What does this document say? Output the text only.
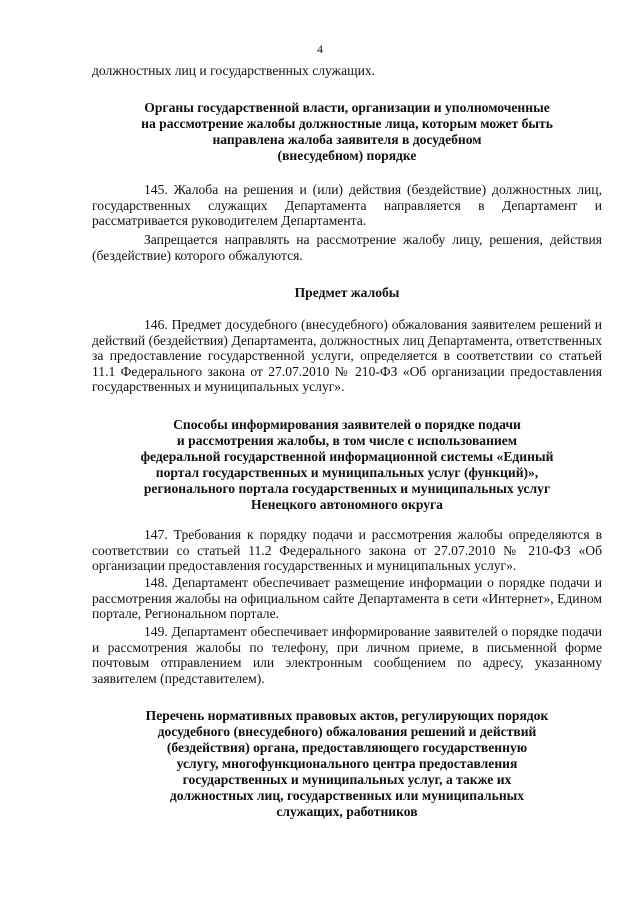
4
должностных лиц и государственных служащих.
Органы государственной власти, организации и уполномоченные
на рассмотрение жалобы должностные лица, которым может быть
направлена жалоба заявителя в досудебном
(внесудебном) порядке
145. Жалоба на решения и (или) действия (бездействие) должностных лиц, государственных служащих Департамента направляется в Департамент и рассматривается руководителем Департамента.
Запрещается направлять на рассмотрение жалобу лицу, решения, действия (бездействие) которого обжалуются.
Предмет жалобы
146. Предмет досудебного (внесудебного) обжалования заявителем решений и действий (бездействия) Департамента, должностных лиц Департамента, ответственных за предоставление государственной услуги, определяется в соответствии со статьей 11.1 Федерального закона от 27.07.2010 № 210-ФЗ «Об организации предоставления государственных и муниципальных услуг».
Способы информирования заявителей о порядке подачи
и рассмотрения жалобы, в том числе с использованием
федеральной государственной информационной системы «Единый
портал государственных и муниципальных услуг (функций)»,
регионального портала государственных и муниципальных услуг
Ненецкого автономного округа
147. Требования к порядку подачи и рассмотрения жалобы определяются в соответствии со статьей 11.2 Федерального закона от 27.07.2010 № 210-ФЗ «Об организации предоставления государственных и муниципальных услуг».
148. Департамент обеспечивает размещение информации о порядке подачи и рассмотрения жалобы на официальном сайте Департамента в сети «Интернет», Едином портале, Региональном портале.
149. Департамент обеспечивает информирование заявителей о порядке подачи и рассмотрения жалобы по телефону, при личном приеме, в письменной форме почтовым отправлением или электронным сообщением по адресу, указанному заявителем (представителем).
Перечень нормативных правовых актов, регулирующих порядок
досудебного (внесудебного) обжалования решений и действий
(бездействия) органа, предоставляющего государственную
услугу, многофункционального центра предоставления
государственных и муниципальных услуг, а также их
должностных лиц, государственных или муниципальных
служащих, работников
